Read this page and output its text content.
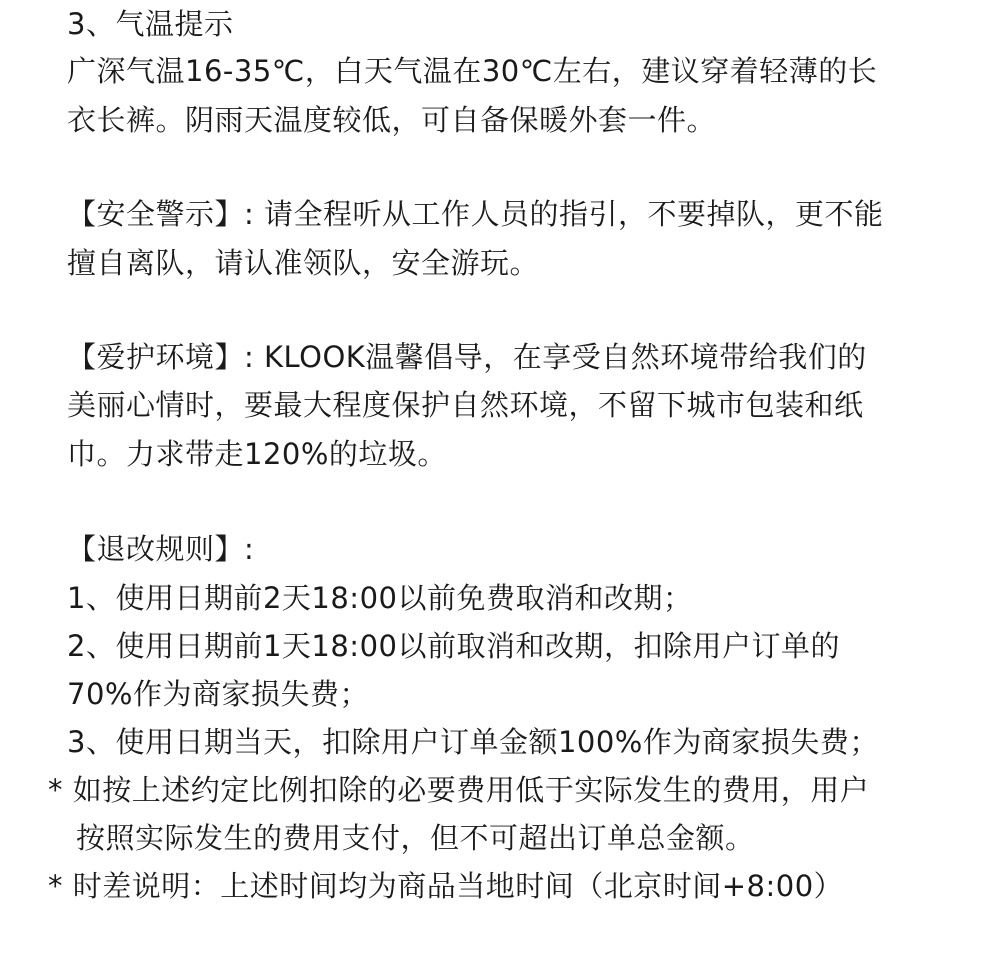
3、气温提示
广深气温16-35℃，白天气温在30℃左右，建议穿着轻薄的长
衣长裤。阴雨天温度较低，可自备保暖外套一件。
【安全警示】: 请全程听从工作人员的指引，不要掉队，更不能
擅自离队，请认准领队，安全游玩。
【爱护环境】: KLOOK温馨倡导，在享受自然环境带给我们的
美丽心情时，要最大程度保护自然环境，不留下城市包装和纸
巾。力求带走120%的垃圾。
【退改规则】:
1、使用日期前2天18:00以前免费取消和改期；
2、使用日期前1天18:00以前取消和改期，扣除用户订单的
70%作为商家损失费；
3、使用日期当天，扣除用户订单金额100%作为商家损失费；
* 如按上述约定比例扣除的必要费用低于实际发生的费用，用户
按照实际发生的费用支付，但不可超出订单总金额。
* 时差说明：上述时间均为商品当地时间（北京时间+8:00）
